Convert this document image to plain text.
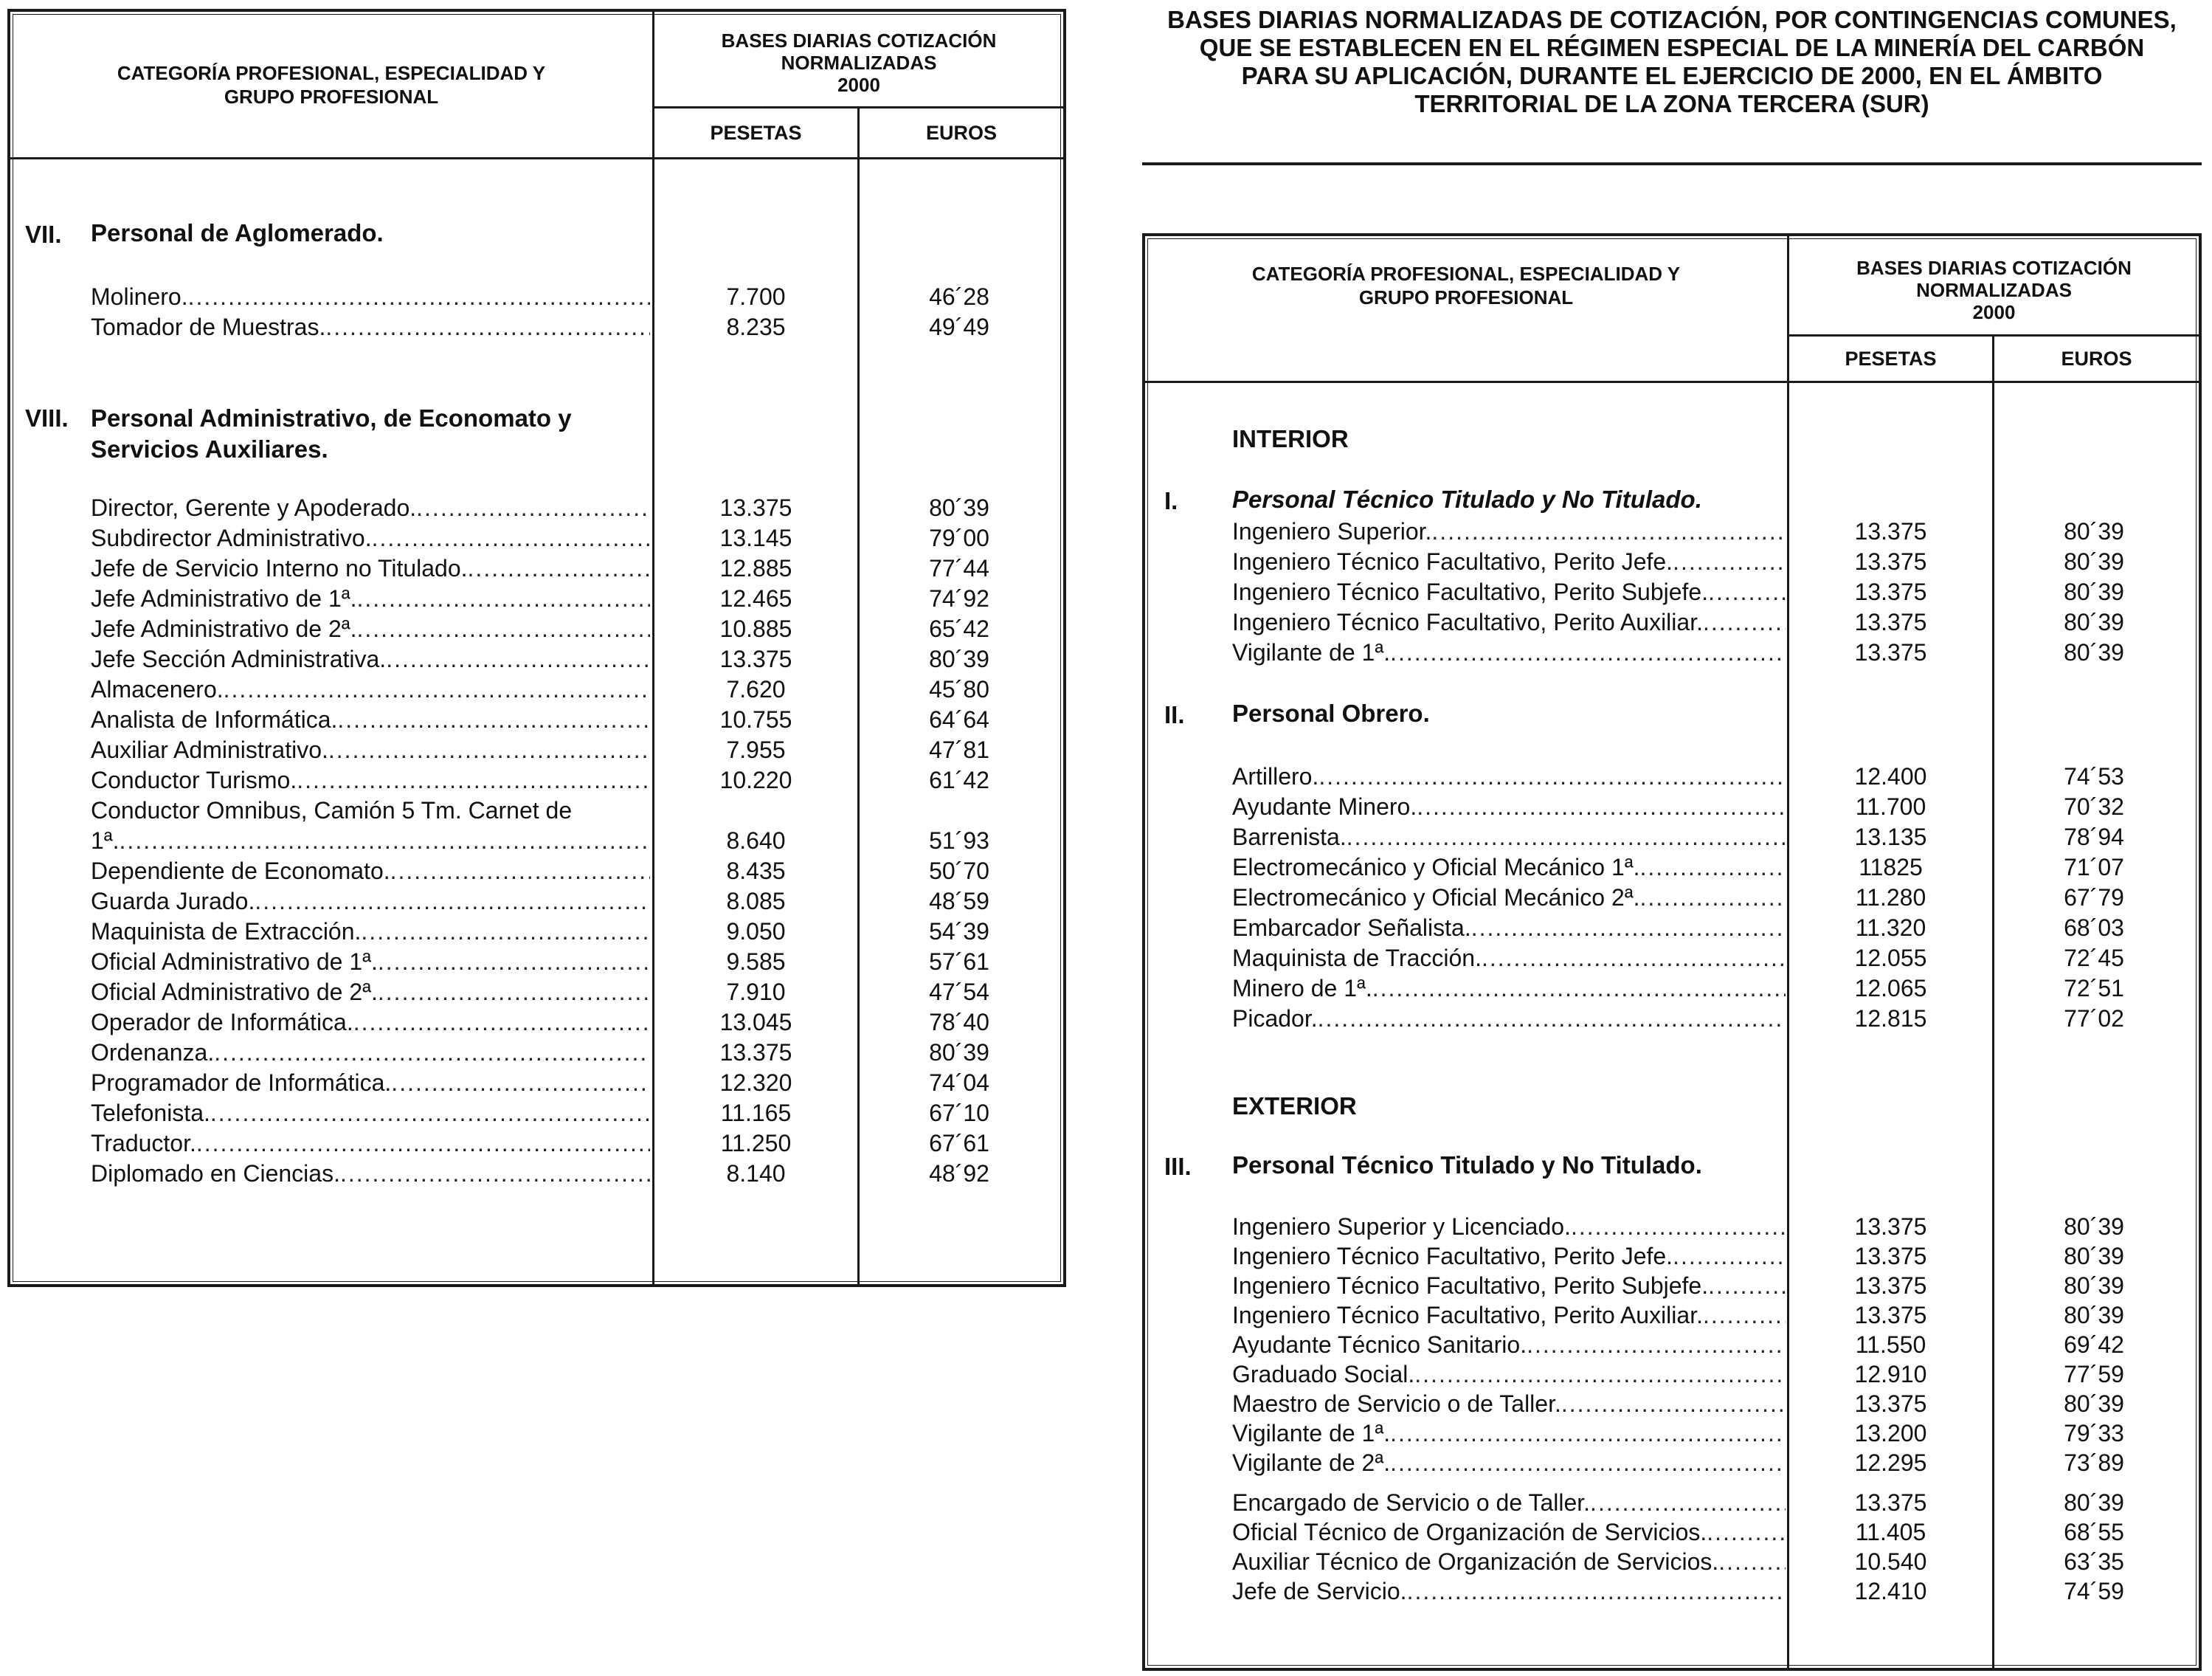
BASES DIARIAS NORMALIZADAS DE COTIZACIÓN, POR CONTINGENCIAS COMUNES,
QUE SE ESTABLECEN EN EL RÉGIMEN ESPECIAL DE LA MINERÍA DEL CARBÓN
PARA SU APLICACIÓN, DURANTE EL EJERCICIO DE 2000, EN EL ÁMBITO
TERRITORIAL DE LA ZONA TERCERA (SUR)
CATEGORÍA PROFESIONAL, ESPECIALIDAD Y
GRUPO PROFESIONAL
BASES DIARIAS COTIZACIÓN
NORMALIZADAS
2000
PESETAS	EUROS
VII. Personal de Aglomerado.
Molinero. .....	7.700	46´28
Tomador de Muestras. .....	8.235	49´49
VIII. Personal Administrativo, de Economato y
Servicios Auxiliares.
Director, Gerente y Apoderado. .....	13.375	80´39
Subdirector Administrativo. .....	13.145	79´00
Jefe de Servicio Interno no Titulado. .....	12.885	77´44
Jefe Administrativo de 1ª. .....	12.465	74´92
Jefe Administrativo de 2ª. .....	10.885	65´42
Jefe Sección Administrativa. .....	13.375	80´39
Almacenero. .....	7.620	45´80
Analista de Informática. .....	10.755	64´64
Auxiliar Administrativo. .....	7.955	47´81
Conductor Turismo. .....	10.220	61´42
Conductor Omnibus, Camión 5 Tm. Carnet de
1ª. .....	8.640	51´93
Dependiente de Economato. .....	8.435	50´70
Guarda Jurado. .....	8.085	48´59
Maquinista de Extracción. .....	9.050	54´39
Oficial Administrativo de 1ª. .....	9.585	57´61
Oficial Administrativo de 2ª. .....	7.910	47´54
Operador de Informática. .....	13.045	78´40
Ordenanza. .....	13.375	80´39
Programador de Informática. .....	12.320	74´04
Telefonista. .....	11.165	67´10
Traductor. .....	11.250	67´61
Diplomado en Ciencias. .....	8.140	48´92
CATEGORÍA PROFESIONAL, ESPECIALIDAD Y
GRUPO PROFESIONAL
BASES DIARIAS COTIZACIÓN
NORMALIZADAS
2000
PESETAS	EUROS
INTERIOR
I. Personal Técnico Titulado y No Titulado.
Ingeniero Superior. .....	13.375	80´39
Ingeniero Técnico Facultativo, Perito Jefe. .....	13.375	80´39
Ingeniero Técnico Facultativo, Perito Subjefe. .....	13.375	80´39
Ingeniero Técnico Facultativo, Perito Auxiliar. .....	13.375	80´39
Vigilante de 1ª. .....	13.375	80´39
II. Personal Obrero.
Artillero. .....	12.400	74´53
Ayudante Minero. .....	11.700	70´32
Barrenista. .....	13.135	78´94
Electromecánico y Oficial Mecánico 1ª. .....	11825	71´07
Electromecánico y Oficial Mecánico 2ª. .....	11.280	67´79
Embarcador Señalista. .....	11.320	68´03
Maquinista de Tracción. .....	12.055	72´45
Minero de 1ª. .....	12.065	72´51
Picador. .....	12.815	77´02
EXTERIOR
III. Personal Técnico Titulado y No Titulado.
Ingeniero Superior y Licenciado. .....	13.375	80´39
Ingeniero Técnico Facultativo, Perito Jefe. .....	13.375	80´39
Ingeniero Técnico Facultativo, Perito Subjefe. .....	13.375	80´39
Ingeniero Técnico Facultativo, Perito Auxiliar. .....	13.375	80´39
Ayudante Técnico Sanitario. .....	11.550	69´42
Graduado Social. .....	12.910	77´59
Maestro de Servicio o de Taller. .....	13.375	80´39
Vigilante de 1ª. .....	13.200	79´33
Vigilante de 2ª. .....	12.295	73´89
Encargado de Servicio o de Taller. .....	13.375	80´39
Oficial Técnico de Organización de Servicios. .....	11.405	68´55
Auxiliar Técnico de Organización de Servicios. .....	10.540	63´35
Jefe de Servicio. .....	12.410	74´59
